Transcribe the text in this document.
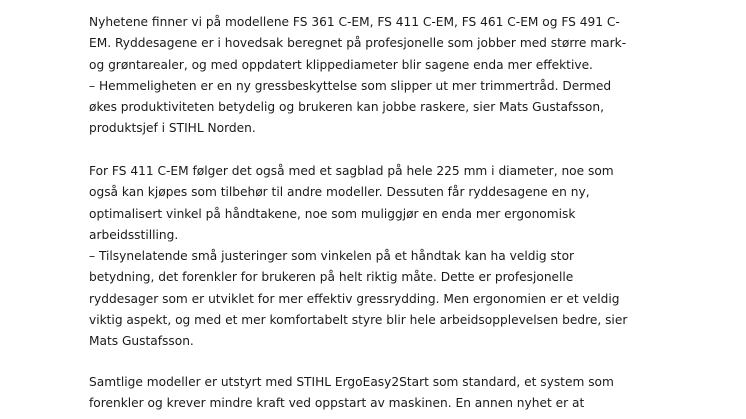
Nyhetene finner vi på modellene FS 361 C-EM, FS 411 C-EM, FS 461 C-EM og FS 491 C-
EM. Ryddesagene er i hovedsak beregnet på profesjonelle som jobber med større mark-
og grøntarealer, og med oppdatert klippediameter blir sagene enda mer effektive.
– Hemmeligheten er en ny gressbeskyttelse som slipper ut mer trimmertråd. Dermed
økes produktiviteten betydelig og brukeren kan jobbe raskere, sier Mats Gustafsson,
produktsjef i STIHL Norden.

For FS 411 C-EM følger det også med et sagblad på hele 225 mm i diameter, noe som
også kan kjøpes som tilbehør til andre modeller. Dessuten får ryddesagene en ny,
optimalisert vinkel på håndtakene, noe som muliggjør en enda mer ergonomisk
arbeidsstilling.
– Tilsynelatende små justeringer som vinkelen på et håndtak kan ha veldig stor
betydning, det forenkler for brukeren på helt riktig måte. Dette er profesjonelle
ryddesager som er utviklet for mer effektiv gressrydding. Men ergonomien er et veldig
viktig aspekt, og med et mer komfortabelt styre blir hele arbeidsopplevelsen bedre, sier
Mats Gustafsson.

Samtlige modeller er utstyrt med STIHL ErgoEasy2Start som standard, et system som
forenkler og krever mindre kraft ved oppstart av maskinen. En annen nyhet er at
